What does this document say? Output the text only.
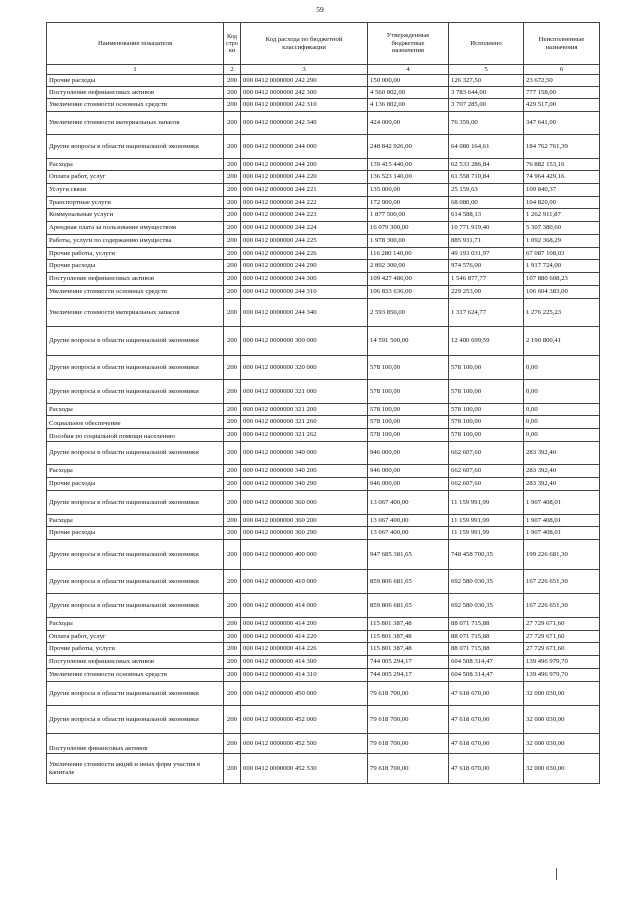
59
Наименование показателя	Код стро ки	Код расхода по бюджетной классификации	Утвержденные бюджетные назначения	Исполнено	Неисполненные назначения
1	2	3	4	5	6
Прочие расходы	200	000 0412 0000000 242 290	150 000,00	126 327,50	23 672,50
Поступление нефинансовых активов	200	000 0412 0000000 242 300	4 560 802,00	3 783 644,00	777 158,00
Увеличение стоимости основных средств	200	000 0412 0000000 242 310	4 136 802,00	3 707 285,00	429 517,00
Увеличение стоимости материальных запасов	200	000 0412 0000000 242 340	424 000,00	76 359,00	347 641,00
Другие вопросы в области национальной экономики	200	000 0412 0000000 244 000	248 842 926,00	64 080 164,61	184 762 761,39
Расходы	200	000 0412 0000000 244 200	139 415 440,00	62 533 286,84	76 882 153,16
Оплата работ, услуг	200	000 0412 0000000 244 220	136 523 140,00	61 558 710,84	74 964 429,16
Услуги связи	200	000 0412 0000000 244 221	135 000,00	25 159,63	109 840,37
Транспортные услуги	200	000 0412 0000000 244 222	172 900,00	68 080,00	104 820,00
Коммунальные услуги	200	000 0412 0000000 244 223	1 877 500,00	614 588,13	1 262 911,87
Арендная плата за пользование имуществом	200	000 0412 0000000 244 224	16 079 300,00	10 771 919,40	5 307 380,60
Работы, услуги по содержанию имущества	200	000 0412 0000000 244 225	1 978 300,00	885 931,71	1 092 368,29
Прочие работы, услуги	200	000 0412 0000000 244 226	116 280 140,00	49 193 031,97	67 087 108,03
Прочие расходы	200	000 0412 0000000 244 290	2 892 300,00	974 576,00	1 917 724,00
Поступление нефинансовых активов	200	000 0412 0000000 244 300	109 427 486,00	1 546 877,77	107 880 608,23
Увеличение стоимости основных средств	200	000 0412 0000000 244 310	106 833 636,00	229 253,00	106 604 383,00
Увеличение стоимости материальных запасов	200	000 0412 0000000 244 340	2 593 850,00	1 317 624,77	1 276 225,23
Другие вопросы в области национальной экономики	200	000 0412 0000000 300 000	14 591 500,00	12 400 699,59	2 190 800,41
Другие вопросы в области национальной экономики	200	000 0412 0000000 320 000	578 100,00	578 100,00	0,00
Другие вопросы в области национальной экономики	200	000 0412 0000000 321 000	578 100,00	578 100,00	0,00
Расходы	200	000 0412 0000000 321 200	578 100,00	578 100,00	0,00
Социальное обеспечение	200	000 0412 0000000 321 260	578 100,00	578 100,00	0,00
Пособия по социальной помощи населению	200	000 0412 0000000 321 262	578 100,00	578 100,00	0,00
Другие вопросы в области национальной экономики	200	000 0412 0000000 340 000	946 000,00	662 607,60	283 392,40
Расходы	200	000 0412 0000000 340 200	946 000,00	662 607,60	283 392,40
Прочие расходы	200	000 0412 0000000 340 290	946 000,00	662 607,60	283 392,40
Другие вопросы в области национальной экономики	200	000 0412 0000000 360 000	13 067 400,00	11 159 991,99	1 907 408,01
Расходы	200	000 0412 0000000 360 200	13 067 400,00	11 159 991,99	1 907 408,01
Прочие расходы	200	000 0412 0000000 360 290	13 067 400,00	11 159 991,99	1 907 408,01
Другие вопросы в области национальной экономики	200	000 0412 0000000 400 000	947 685 381,65	748 458 700,35	199 226 681,30
Другие вопросы в области национальной экономики	200	000 0412 0000000 410 000	859 806 681,65	692 580 030,35	167 226 651,30
Другие вопросы в области национальной экономики	200	000 0412 0000000 414 000	859 806 681,65	692 580 030,35	167 226 651,30
Расходы	200	000 0412 0000000 414 200	115 801 387,48	88 071 715,88	27 729 671,60
Оплата работ, услуг	200	000 0412 0000000 414 220	115 801 387,48	88 071 715,88	27 729 671,60
Прочие работы, услуги	200	000 0412 0000000 414 226	115 801 387,48	88 071 715,88	27 729 671,60
Поступление нефинансовых активов	200	000 0412 0000000 414 300	744 005 294,17	604 508 314,47	139 496 979,70
Увеличение стоимости основных средств	200	000 0412 0000000 414 310	744 005 294,17	604 508 314,47	139 496 979,70
Другие вопросы в области национальной экономики	200	000 0412 0000000 450 000	79 618 700,00	47 618 670,00	32 000 030,00
Другие вопросы в области национальной экономики	200	000 0412 0000000 452 000	79 618 700,00	47 618 670,00	32 000 030,00
Поступление финансовых активов	200	000 0412 0000000 452 500	79 618 700,00	47 618 670,00	32 000 030,00
Увеличение стоимости акций и иных форм участия в капитале	200	000 0412 0000000 452 530	79 618 700,00	47 618 670,00	32 000 030,00
